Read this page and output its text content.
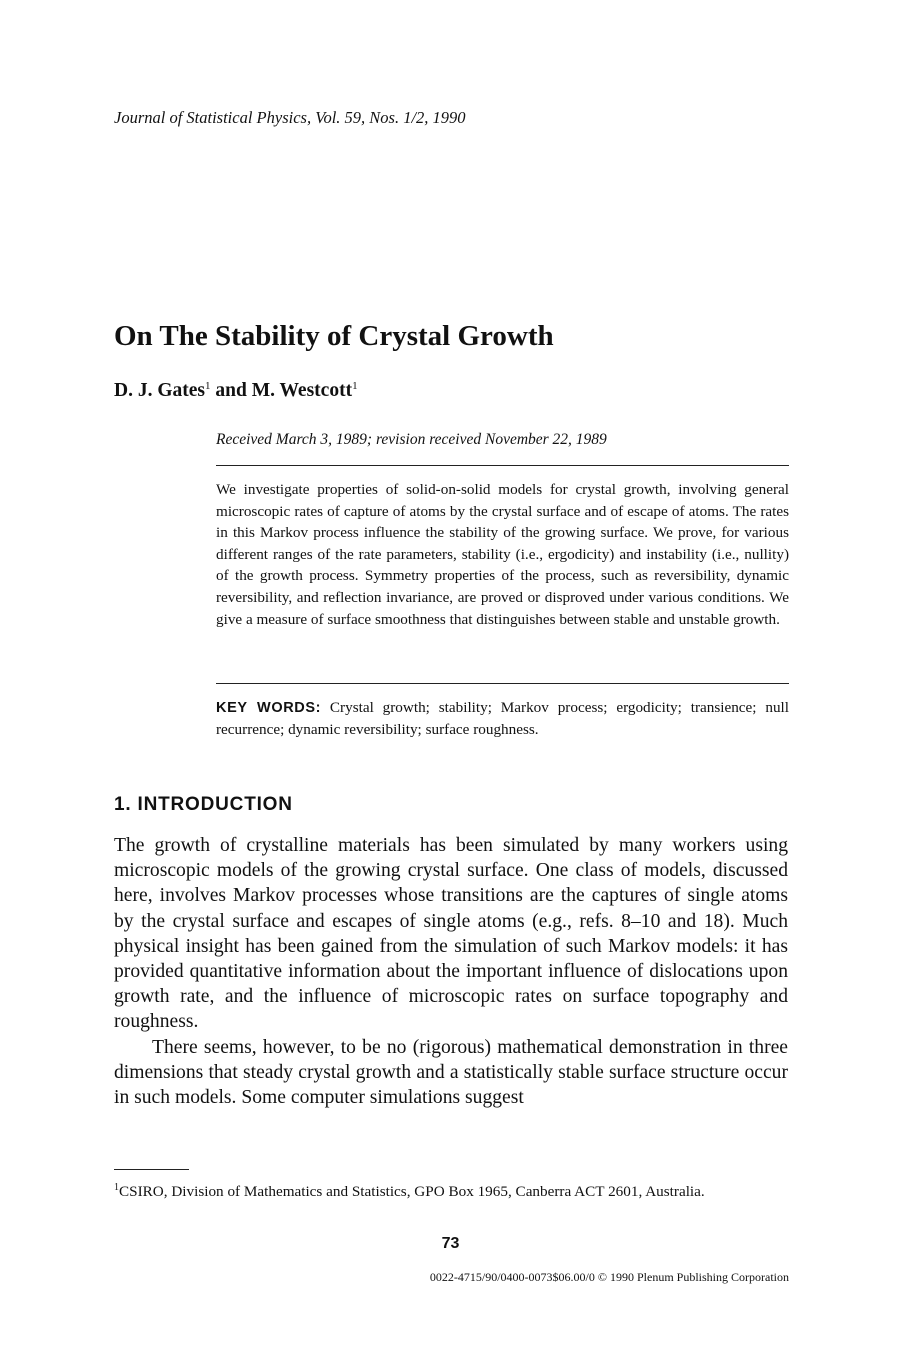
Journal of Statistical Physics, Vol. 59, Nos. 1/2, 1990

On The Stability of Crystal Growth

D. J. Gates$^1$ and M. Westcott$^1$

Received March 3, 1989; revision received November 22, 1989

We investigate properties of solid-on-solid models for crystal growth, involving general microscopic rates of capture of atoms by the crystal surface and of escape of atoms. The rates in this Markov process influence the stability of the growing surface. We prove, for various different ranges of the rate parameters, stability (i.e., ergodicity) and instability (i.e., nullity) of the growth process. Symmetry properties of the process, such as reversibility, dynamic reversibility, and reflection invariance, are proved or disproved under various conditions. We give a measure of surface smoothness that distinguishes between stable and unstable growth.

KEY WORDS: Crystal growth; stability; Markov process; ergodicity; transience; null recurrence; dynamic reversibility; surface roughness.

1. INTRODUCTION

The growth of crystalline materials has been simulated by many workers using microscopic models of the growing crystal surface. One class of models, discussed here, involves Markov processes whose transitions are the captures of single atoms by the crystal surface and escapes of single atoms (e.g., refs. 8–10 and 18). Much physical insight has been gained from the simulation of such Markov models: it has provided quantitative information about the important influence of dislocations upon growth rate, and the influence of microscopic rates on surface topography and roughness.

There seems, however, to be no (rigorous) mathematical demonstration in three dimensions that steady crystal growth and a statistically stable surface structure occur in such models. Some computer simulations suggest

$^1$CSIRO, Division of Mathematics and Statistics, GPO Box 1965, Canberra ACT 2601, Australia.

73

0022-4715/90/0400-0073$06.00/0 © 1990 Plenum Publishing Corporation
